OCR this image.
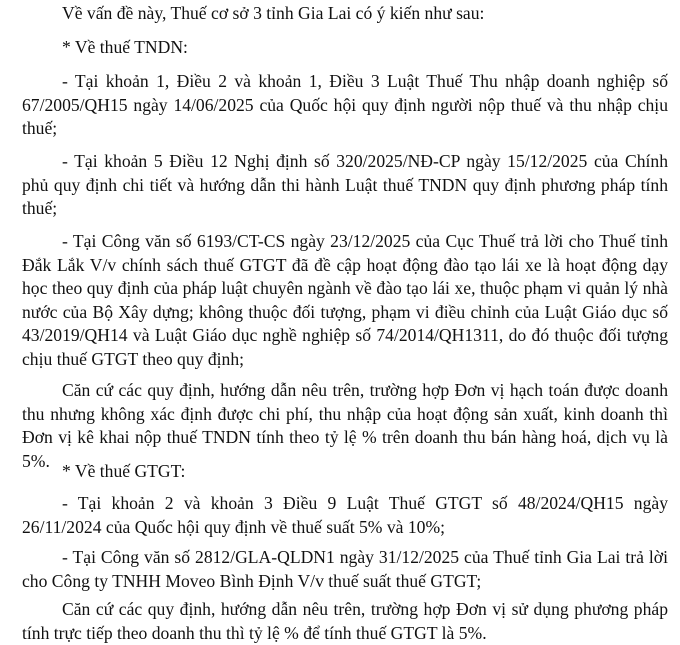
Về vấn đề này, Thuế cơ sở 3 tỉnh Gia Lai có ý kiến như sau:

* Về thuế TNDN:

- Tại khoản 1, Điều 2 và khoản 1, Điều 3 Luật Thuế Thu nhập doanh nghiệp số 67/2005/QH15 ngày 14/06/2025 của Quốc hội quy định người nộp thuế và thu nhập chịu thuế;

- Tại khoản 5 Điều 12 Nghị định số 320/2025/NĐ-CP ngày 15/12/2025 của Chính phủ quy định chi tiết và hướng dẫn thi hành Luật thuế TNDN quy định phương pháp tính thuế;

- Tại Công văn số 6193/CT-CS ngày 23/12/2025 của Cục Thuế trả lời cho Thuế tỉnh Đắk Lắk V/v chính sách thuế GTGT đã đề cập hoạt động đào tạo lái xe là hoạt động dạy học theo quy định của pháp luật chuyên ngành về đào tạo lái xe, thuộc phạm vi quản lý nhà nước của Bộ Xây dựng; không thuộc đối tượng, phạm vi điều chỉnh của Luật Giáo dục số 43/2019/QH14 và Luật Giáo dục nghề nghiệp số 74/2014/QH1311, do đó thuộc đối tượng chịu thuế GTGT theo quy định;

Căn cứ các quy định, hướng dẫn nêu trên, trường hợp Đơn vị hạch toán được doanh thu nhưng không xác định được chi phí, thu nhập của hoạt động sản xuất, kinh doanh thì Đơn vị kê khai nộp thuế TNDN tính theo tỷ lệ % trên doanh thu bán hàng hoá, dịch vụ là 5%.

* Về thuế GTGT:

- Tại khoản 2 và khoản 3 Điều 9 Luật Thuế GTGT số 48/2024/QH15 ngày 26/11/2024 của Quốc hội quy định về thuế suất 5% và 10%;

- Tại Công văn số 2812/GLA-QLDN1 ngày 31/12/2025 của Thuế tỉnh Gia Lai trả lời cho Công ty TNHH Moveo Bình Định V/v thuế suất thuế GTGT;

Căn cứ các quy định, hướng dẫn nêu trên, trường hợp Đơn vị sử dụng phương pháp tính trực tiếp theo doanh thu thì tỷ lệ % để tính thuế GTGT là 5%.
